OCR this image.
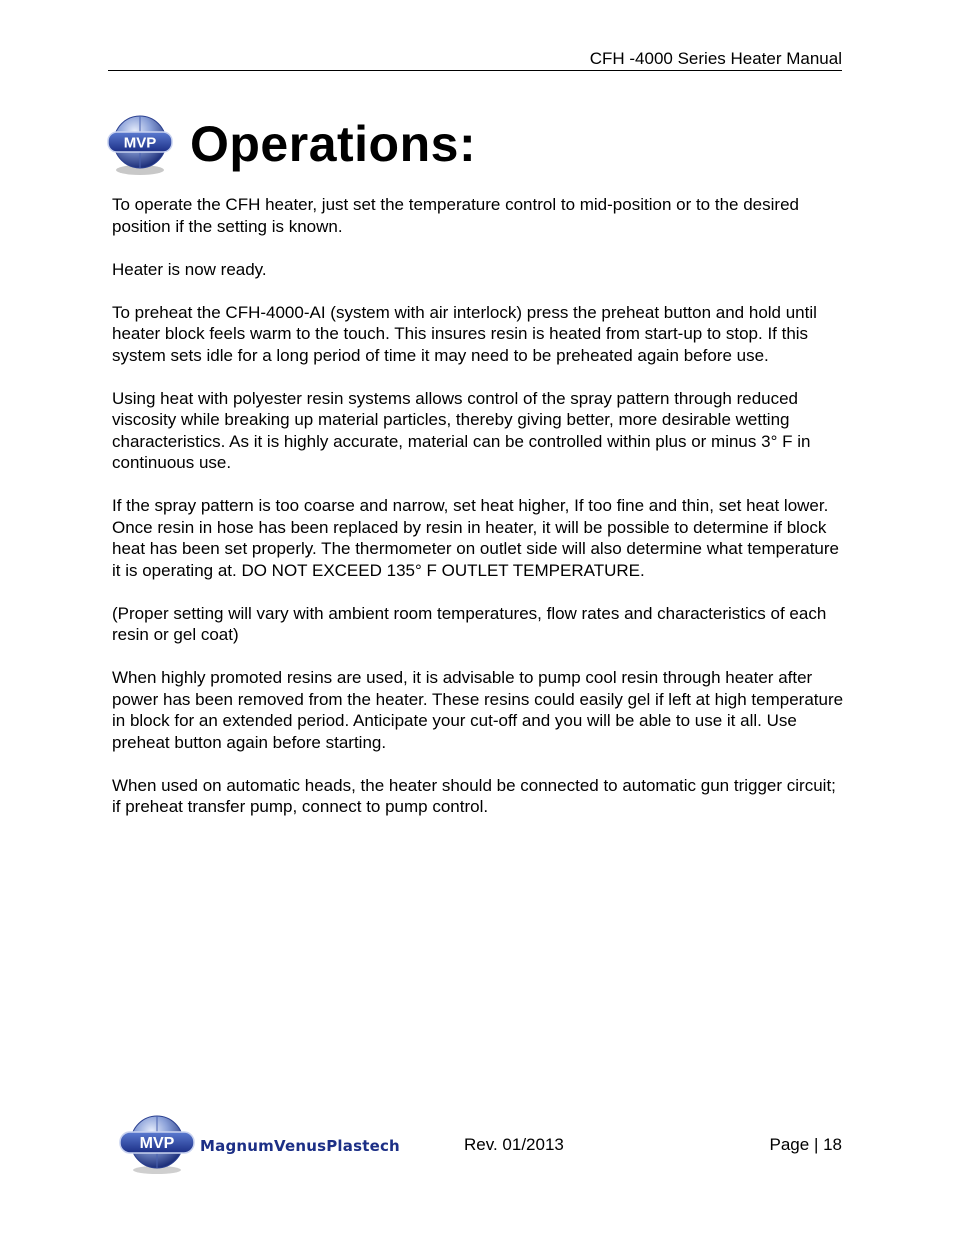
CFH -4000 Series Heater Manual
MVP Operations:

To operate the CFH heater, just set the temperature control to mid-position or to the desired position if the setting is known.

Heater is now ready.

To preheat the CFH-4000-AI (system with air interlock) press the preheat button and hold until heater block feels warm to the touch. This insures resin is heated from start-up to stop. If this system sets idle for a long period of time it may need to be preheated again before use.

Using heat with polyester resin systems allows control of the spray pattern through reduced viscosity while breaking up material particles, thereby giving better, more desirable wetting characteristics. As it is highly accurate, material can be controlled within plus or minus 3° F in continuous use.

If the spray pattern is too coarse and narrow, set heat higher, If too fine and thin, set heat lower. Once resin in hose has been replaced by resin in heater, it will be possible to determine if block heat has been set properly. The thermometer on outlet side will also determine what temperature it is operating at. DO NOT EXCEED 135° F OUTLET TEMPERATURE.

(Proper setting will vary with ambient room temperatures, flow rates and characteristics of each resin or gel coat)

When highly promoted resins are used, it is advisable to pump cool resin through heater after power has been removed from the heater. These resins could easily gel if left at high temperature in block for an extended period. Anticipate your cut-off and you will be able to use it all. Use preheat button again before starting.

When used on automatic heads, the heater should be connected to automatic gun trigger circuit; if preheat transfer pump, connect to pump control.

MVP MagnumVenusPlastech	Rev. 01/2013	Page | 18
